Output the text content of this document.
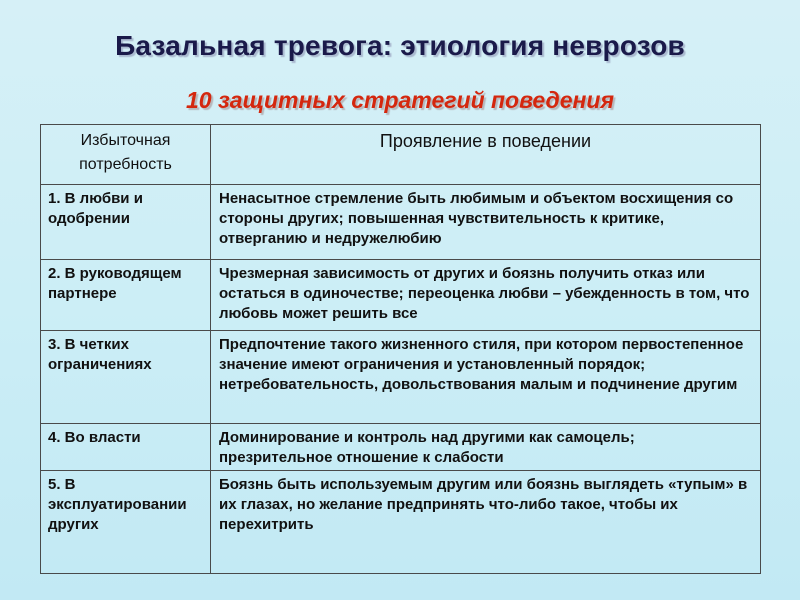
Базальная тревога: этиология неврозов
10 защитных стратегий поведения
Избыточная потребность	Проявление в поведении
1. В любви и одобрении	Ненасытное стремление быть любимым и объектом восхищения со стороны других; повышенная чувствительность к критике, отверганию и недружелюбию
2. В руководящем партнере	Чрезмерная зависимость от других и боязнь получить отказ или остаться в одиночестве; переоценка любви – убежденность в том, что любовь может решить все
3. В четких ограничениях	Предпочтение такого жизненного стиля, при котором первостепенное значение имеют ограничения и установленный порядок; нетребовательность, довольствования малым и подчинение другим
4. Во власти	Доминирование и контроль над другими как самоцель; презрительное отношение к слабости
5. В эксплуатировании других	Боязнь быть используемым другим или боязнь выглядеть «тупым» в их глазах, но желание предпринять что-либо такое, чтобы их перехитрить
